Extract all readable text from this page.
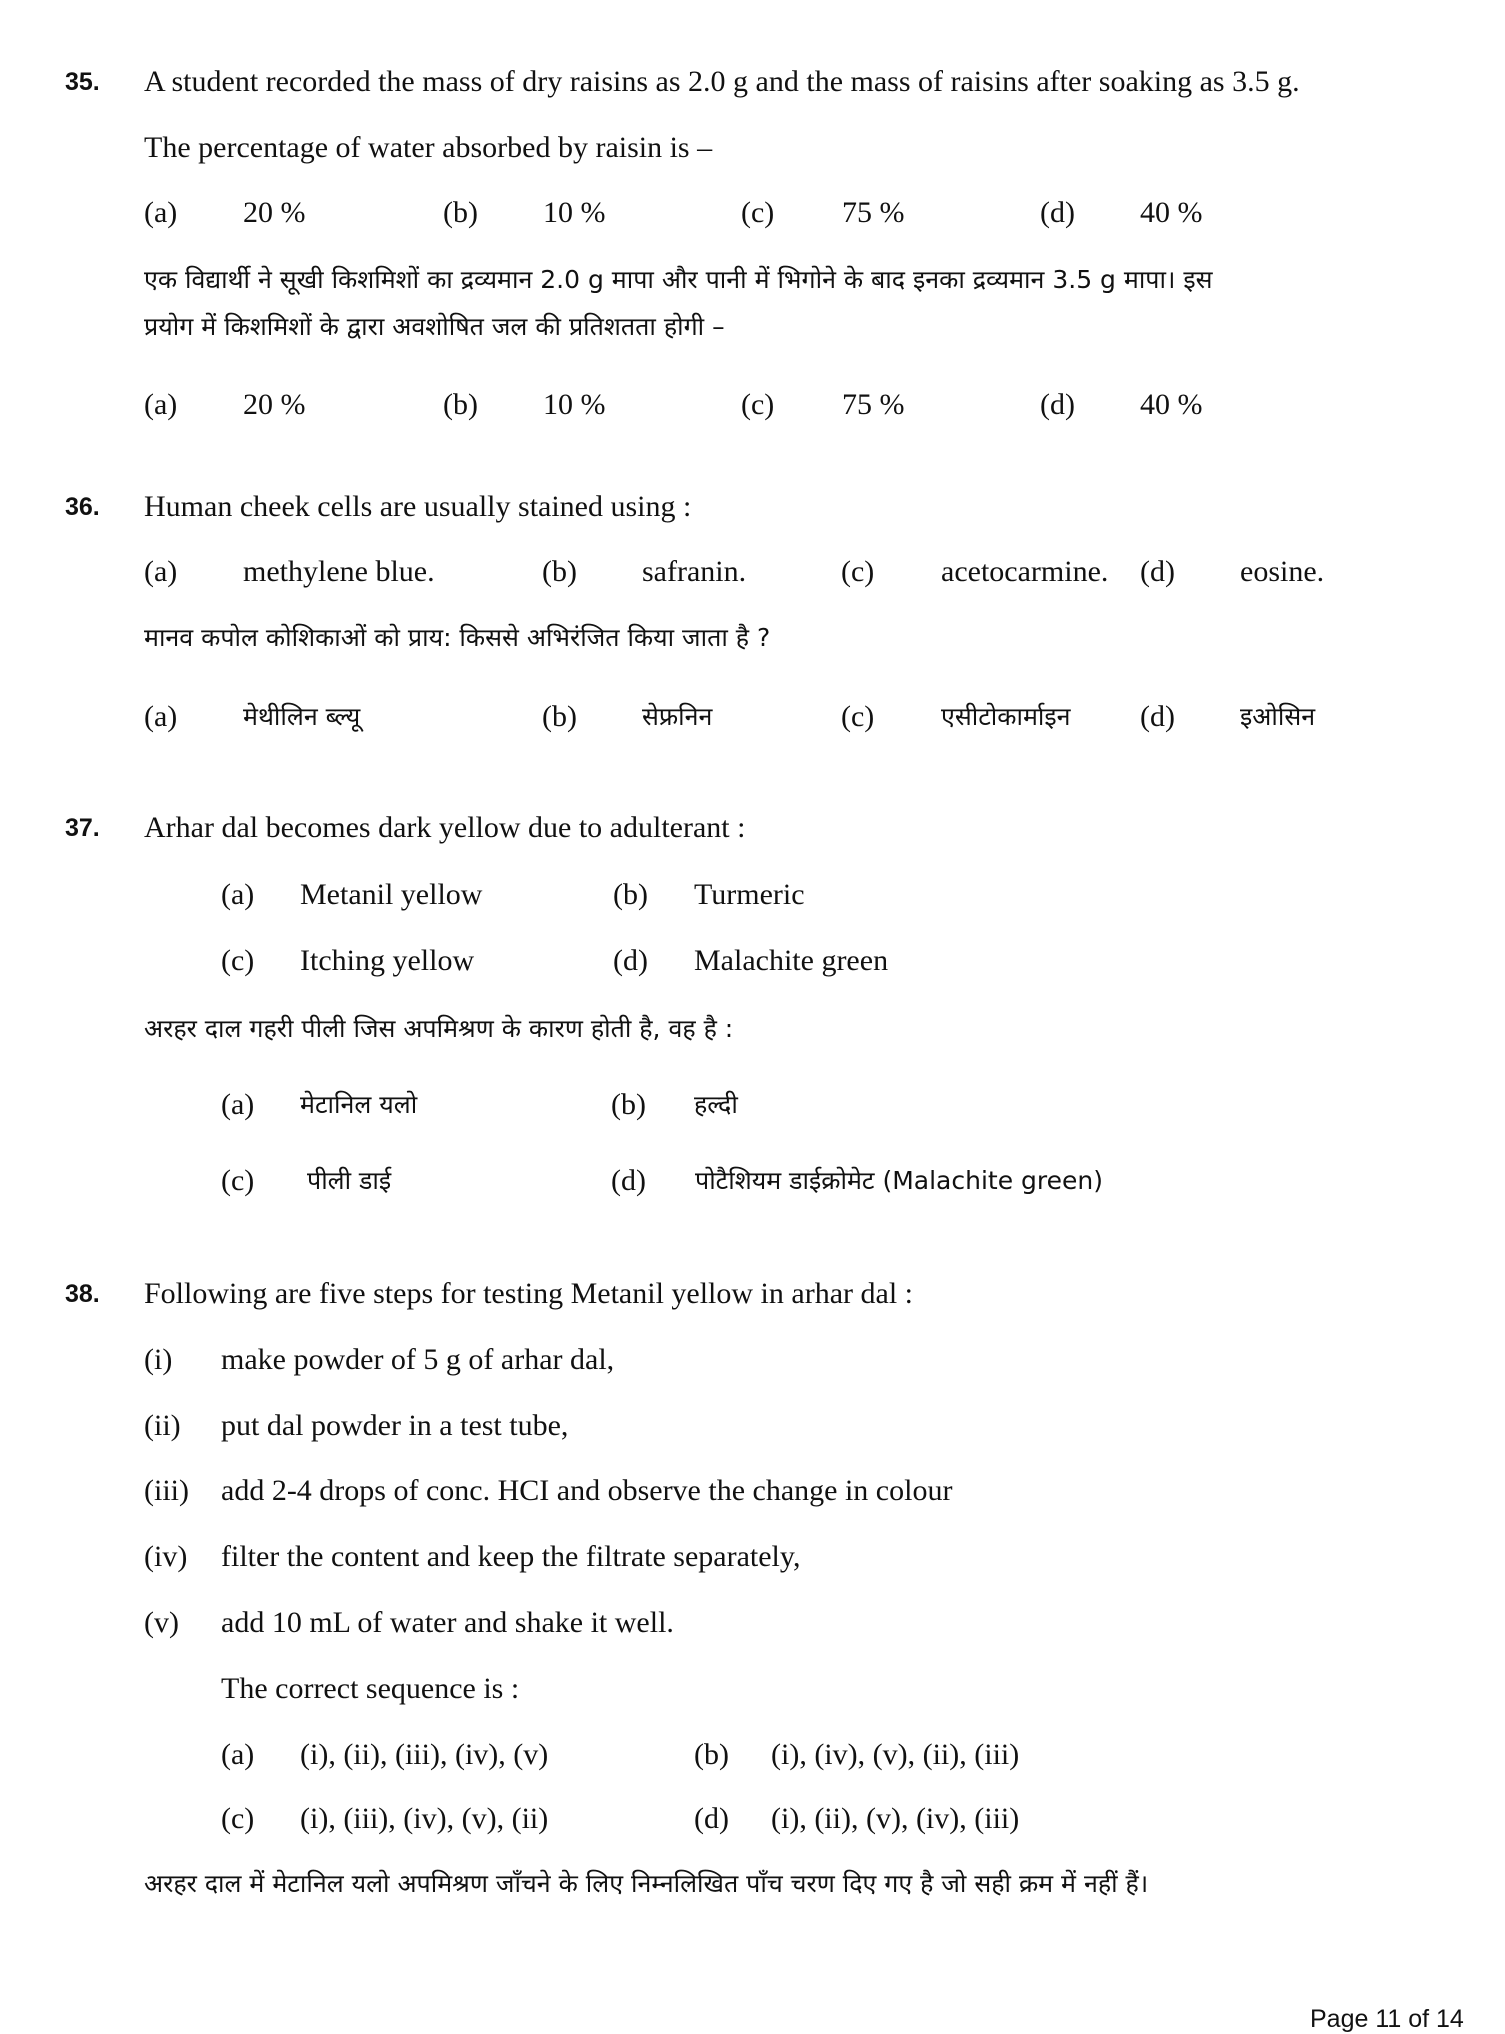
35. A student recorded the mass of dry raisins as 2.0 g and the mass of raisins after soaking as 3.5 g.
The percentage of water absorbed by raisin is –
(a) 20 %	(b) 10 %	(c) 75 %	(d) 40 %
एक विद्यार्थी ने सूखी किशमिशों का द्रव्यमान 2.0 g मापा और पानी में भिगोने के बाद इनका द्रव्यमान 3.5 g मापा। इस
प्रयोग में किशमिशों के द्वारा अवशोषित जल की प्रतिशतता होगी –
(a) 20 %	(b) 10 %	(c) 75 %	(d) 40 %
36. Human cheek cells are usually stained using :
(a) methylene blue.	(b) safranin.	(c) acetocarmine. (d) eosine.
मानव कपोल कोशिकाओं को प्राय: किससे अभिरंजित किया जाता है ?
(a)	मेथीलिन ब्ल्यू	(b)	सेफ्रनिन	(c)	एसीटोकार्माइन (d)	इओसिन
37. Arhar dal becomes dark yellow due to adulterant :
(a) Metanil yellow	(b) Turmeric
(c) Itching yellow	(d) Malachite green
अरहर दाल गहरी पीली जिस अपमिश्रण के कारण होती है, वह है :
(a) मेटानिल यलो	(b) हल्दी
(c) पीली डाई	(d) पोटैशियम डाईक्रोमेट (Malachite green)
38. Following are five steps for testing Metanil yellow in arhar dal :
(i) make powder of 5 g of arhar dal,
(ii) put dal powder in a test tube,
(iii) add 2-4 drops of conc. HCI and observe the change in colour
(iv) filter the content and keep the filtrate separately,
(v) add 10 mL of water and shake it well.
The correct sequence is :
(a) (i), (ii), (iii), (iv), (v)	(b) (i), (iv), (v), (ii), (iii)
(c) (i), (iii), (iv), (v), (ii)	(d) (i), (ii), (v), (iv), (iii)
अरहर दाल में मेटानिल यलो अपमिश्रण जाँचने के लिए निम्नलिखित पाँच चरण दिए गए है जो सही क्रम में नहीं हैं।
Page 11 of 14
